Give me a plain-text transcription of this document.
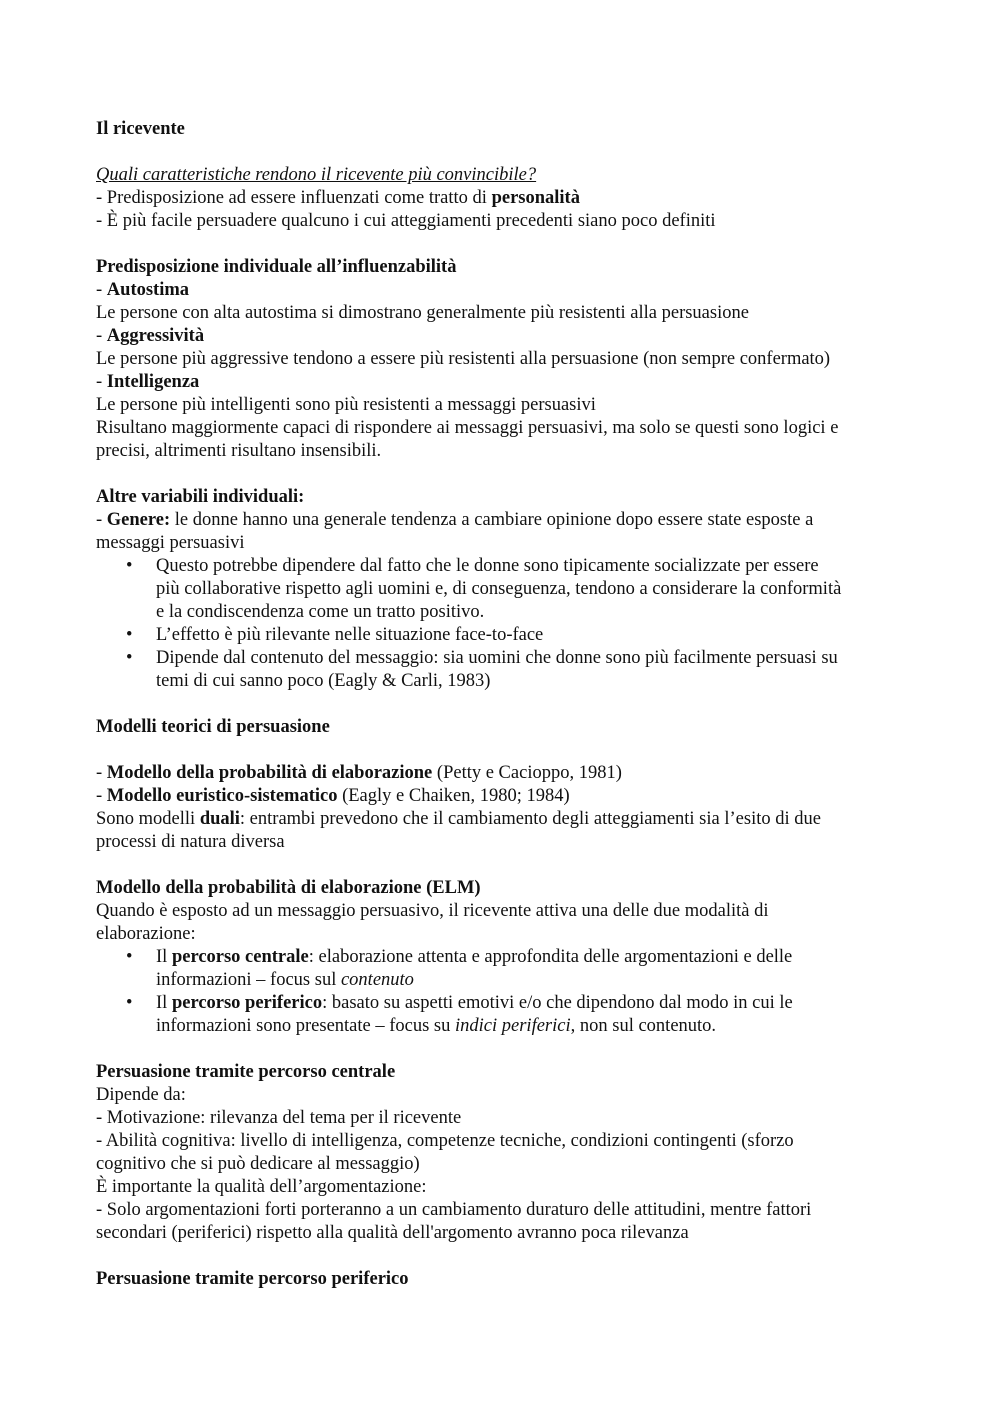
Il ricevente

Quali caratteristiche rendono il ricevente più convincibile?

- Predisposizione ad essere influenzati come tratto di personalità

- È più facile persuadere qualcuno i cui atteggiamenti precedenti siano poco definiti

Predisposizione individuale all’influenzabilità

- Autostima

Le persone con alta autostima si dimostrano generalmente più resistenti alla persuasione

- Aggressività

Le persone più aggressive tendono a essere più resistenti alla persuasione (non sempre confermato)

- Intelligenza

Le persone più intelligenti sono più resistenti a messaggi persuasivi

Risultano maggiormente capaci di rispondere ai messaggi persuasivi, ma solo se questi sono logici e

precisi, altrimenti risultano insensibili.

Altre variabili individuali:

- Genere: le donne hanno una generale tendenza a cambiare opinione dopo essere state esposte a

messaggi persuasivi

• Questo potrebbe dipendere dal fatto che le donne sono tipicamente socializzate per essere

più collaborative rispetto agli uomini e, di conseguenza, tendono a considerare la conformità

e la condiscendenza come un tratto positivo.

• L’effetto è più rilevante nelle situazione face-to-face

• Dipende dal contenuto del messaggio: sia uomini che donne sono più facilmente persuasi su

temi di cui sanno poco (Eagly & Carli, 1983)

Modelli teorici di persuasione

- Modello della probabilità di elaborazione (Petty e Cacioppo, 1981)

- Modello euristico-sistematico (Eagly e Chaiken, 1980; 1984)

Sono modelli duali: entrambi prevedono che il cambiamento degli atteggiamenti sia l’esito di due

processi di natura diversa

Modello della probabilità di elaborazione (ELM)

Quando è esposto ad un messaggio persuasivo, il ricevente attiva una delle due modalità di

elaborazione:

• Il percorso centrale: elaborazione attenta e approfondita delle argomentazioni e delle

informazioni – focus sul contenuto

• Il percorso periferico: basato su aspetti emotivi e/o che dipendono dal modo in cui le

informazioni sono presentate – focus su indici periferici, non sul contenuto.

Persuasione tramite percorso centrale

Dipende da:

- Motivazione: rilevanza del tema per il ricevente

- Abilità cognitiva: livello di intelligenza, competenze tecniche, condizioni contingenti (sforzo

cognitivo che si può dedicare al messaggio)

È importante la qualità dell’argomentazione:

- Solo argomentazioni forti porteranno a un cambiamento duraturo delle attitudini, mentre fattori

secondari (periferici) rispetto alla qualità dell'argomento avranno poca rilevanza

Persuasione tramite percorso periferico
